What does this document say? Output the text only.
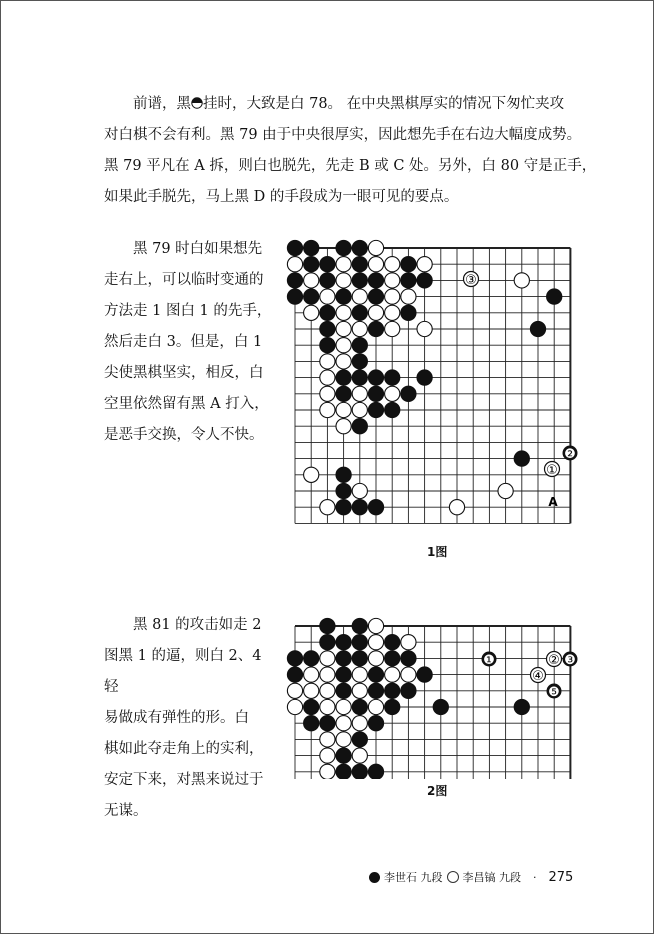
前谱，黑 挂时，大致是白 78。 在中央黑棋厚实的情况下匆忙夹攻

对白棋不会有利。黑 79 由于中央很厚实，因此想先手在右边大幅度成势。

黑 79 平凡在 A 拆，则白也脱先，先走 B 或 C 处。另外，白 80 守是正手，

如果此手脱先，马上黑 D 的手段成为一眼可见的要点。

黑 79 时白如果想先

走右上，可以临时变通的

方法走 1 图白 1 的先手，

然后走白 3。但是，白 1

尖使黑棋坚实，相反，白

空里依然留有黑 A 打入，

是恶手交换，令人不快。

③
①
❷
A
1图

黑 81 的攻击如走 2

图黑 1 的逼，则白 2、4 轻

易做成有弹性的形。白

棋如此夺走角上的实利，

安定下来，对黑来说过于

无谋。

❶	② ❸
④
❺
2图
李世石 九段 李昌镐 九段 · 275
